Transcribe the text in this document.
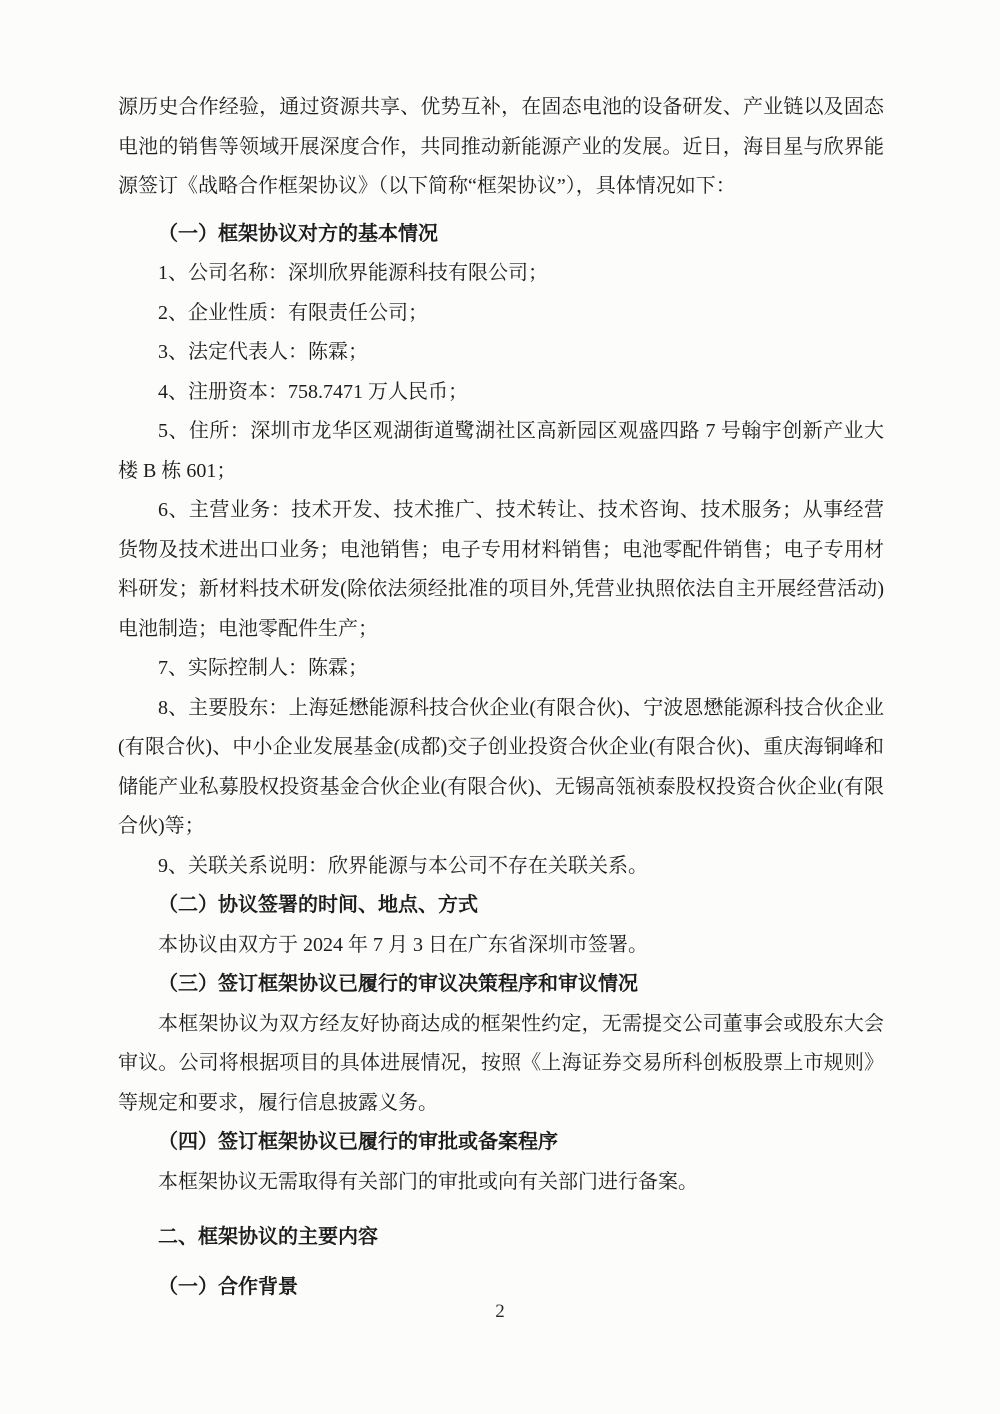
源历史合作经验，通过资源共享、优势互补，在固态电池的设备研发、产业链以及固态电池的销售等领域开展深度合作，共同推动新能源产业的发展。近日，海目星与欣界能源签订《战略合作框架协议》（以下简称“框架协议”），具体情况如下：

（一）框架协议对方的基本情况

1、公司名称：深圳欣界能源科技有限公司；

2、企业性质：有限责任公司；

3、法定代表人：陈霖；

4、注册资本：758.7471 万人民币；

5、住所：深圳市龙华区观湖街道鹭湖社区高新园区观盛四路 7 号翰宇创新产业大楼 B 栋 601；

6、主营业务：技术开发、技术推广、技术转让、技术咨询、技术服务；从事经营货物及技术进出口业务；电池销售；电子专用材料销售；电池零配件销售；电子专用材料研发；新材料技术研发(除依法须经批准的项目外,凭营业执照依法自主开展经营活动)电池制造；电池零配件生产；

7、实际控制人：陈霖；

8、主要股东：上海延懋能源科技合伙企业(有限合伙)、宁波恩懋能源科技合伙企业(有限合伙)、中小企业发展基金(成都)交子创业投资合伙企业(有限合伙)、重庆海铜峰和储能产业私募股权投资基金合伙企业(有限合伙)、无锡高瓴祯泰股权投资合伙企业(有限合伙)等；

9、关联关系说明：欣界能源与本公司不存在关联关系。

（二）协议签署的时间、地点、方式

本协议由双方于 2024 年 7 月 3 日在广东省深圳市签署。

（三）签订框架协议已履行的审议决策程序和审议情况

本框架协议为双方经友好协商达成的框架性约定，无需提交公司董事会或股东大会审议。公司将根据项目的具体进展情况，按照《上海证券交易所科创板股票上市规则》等规定和要求，履行信息披露义务。

（四）签订框架协议已履行的审批或备案程序

本框架协议无需取得有关部门的审批或向有关部门进行备案。

二、框架协议的主要内容

（一）合作背景

2
